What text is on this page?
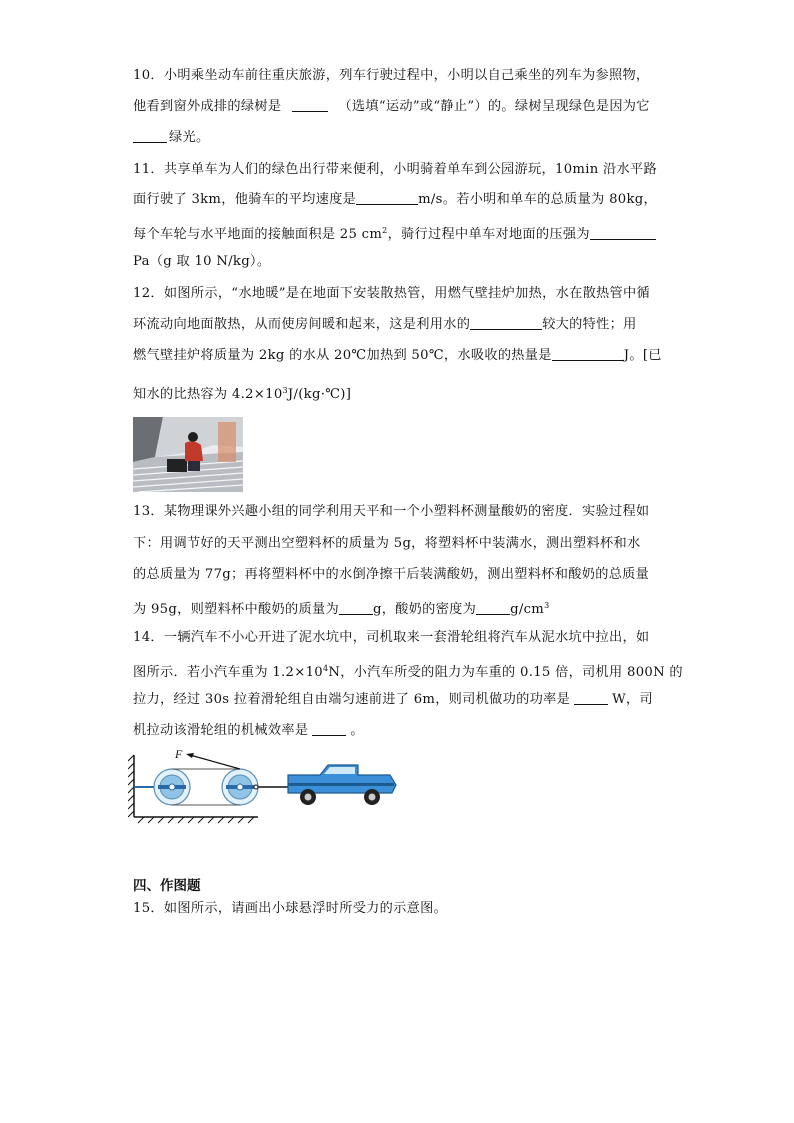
10．小明乘坐动车前往重庆旅游，列车行驶过程中，小明以自己乘坐的列车为参照物，
他看到窗外成排的绿树是	（选填“运动”或“静止”）的。绿树呈现绿色是因为它
绿光。
11．共享单车为人们的绿色出行带来便利，小明骑着单车到公园游玩，10min 沿水平路
面行驶了 3km，他骑车的平均速度是	m/s。若小明和单车的总质量为 80kg，
每个车轮与水平地面的接触面积是 25 $cm^2$，骑行过程中单车对地面的压强为
Pa（g 取 10 N/kg）。
12．如图所示，“水地暖”是在地面下安装散热管，用燃气壁挂炉加热，水在散热管中循
环流动向地面散热，从而使房间暖和起来，这是利用水的	较大的特性；用
燃气壁挂炉将质量为 2kg 的水从 20℃加热到 50℃，水吸收的热量是	J。[已
知水的比热容为 $4.2\times 10^3J/(kg\cdot℃)$]
13．某物理课外兴趣小组的同学利用天平和一个小塑料杯测量酸奶的密度．实验过程如
下：用调节好的天平测出空塑料杯的质量为 5g，将塑料杯中装满水，测出塑料杯和水
的总质量为 77g；再将塑料杯中的水倒净擦干后装满酸奶，测出塑料杯和酸奶的总质量
为 95g，则塑料杯中酸奶的质量为	g，酸奶的密度为	$g/cm^3$
14．一辆汽车不小心开进了泥水坑中，司机取来一套滑轮组将汽车从泥水坑中拉出，如
图所示．若小汽车重为 $1.2\times 10^4N$，小汽车所受的阻力为车重的 0.15 倍，司机用 800N 的
拉力，经过 30s 拉着滑轮组自由端匀速前进了 6m，则司机做功的功率是	W，司
机拉动该滑轮组的机械效率是	。
F
四、作图题
15．如图所示，请画出小球悬浮时所受力的示意图。
